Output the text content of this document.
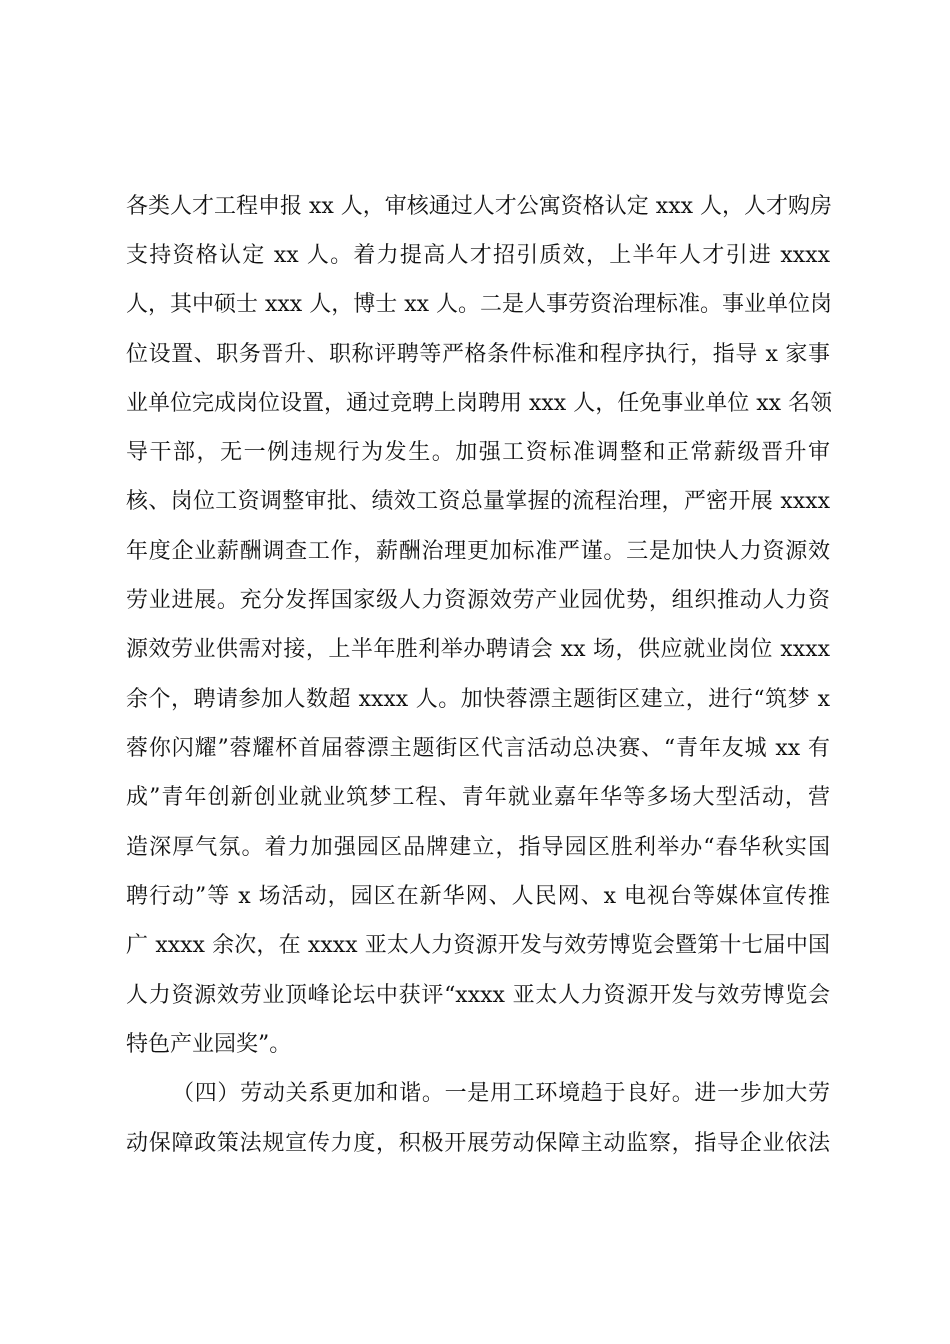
各类人才工程申报 xx 人，审核通过人才公寓资格认定 xxx 人，人才购房
支持资格认定 xx 人。着力提高人才招引质效，上半年人才引进 xxxx
人，其中硕士 xxx 人，博士 xx 人。二是人事劳资治理标准。事业单位岗
位设置、职务晋升、职称评聘等严格条件标准和程序执行，指导 x 家事
业单位完成岗位设置，通过竞聘上岗聘用 xxx 人，任免事业单位 xx 名领
导干部，无一例违规行为发生。加强工资标准调整和正常薪级晋升审
核、岗位工资调整审批、绩效工资总量掌握的流程治理，严密开展 xxxx
年度企业薪酬调查工作，薪酬治理更加标准严谨。三是加快人力资源效
劳业进展。充分发挥国家级人力资源效劳产业园优势，组织推动人力资
源效劳业供需对接，上半年胜利举办聘请会 xx 场，供应就业岗位 xxxx
余个，聘请参加人数超 xxxx 人。加快蓉漂主题街区建立，进行“筑梦 x
蓉你闪耀”蓉耀杯首届蓉漂主题街区代言活动总决赛、“青年友城 xx 有
成”青年创新创业就业筑梦工程、青年就业嘉年华等多场大型活动，营
造深厚气氛。着力加强园区品牌建立，指导园区胜利举办“春华秋实国
聘行动”等 x 场活动，园区在新华网、人民网、x 电视台等媒体宣传推
广 xxxx 余次，在 xxxx 亚太人力资源开发与效劳博览会暨第十七届中国
人力资源效劳业顶峰论坛中获评“xxxx 亚太人力资源开发与效劳博览会
特色产业园奖”。
（四）劳动关系更加和谐。一是用工环境趋于良好。进一步加大劳
动保障政策法规宣传力度，积极开展劳动保障主动监察，指导企业依法
